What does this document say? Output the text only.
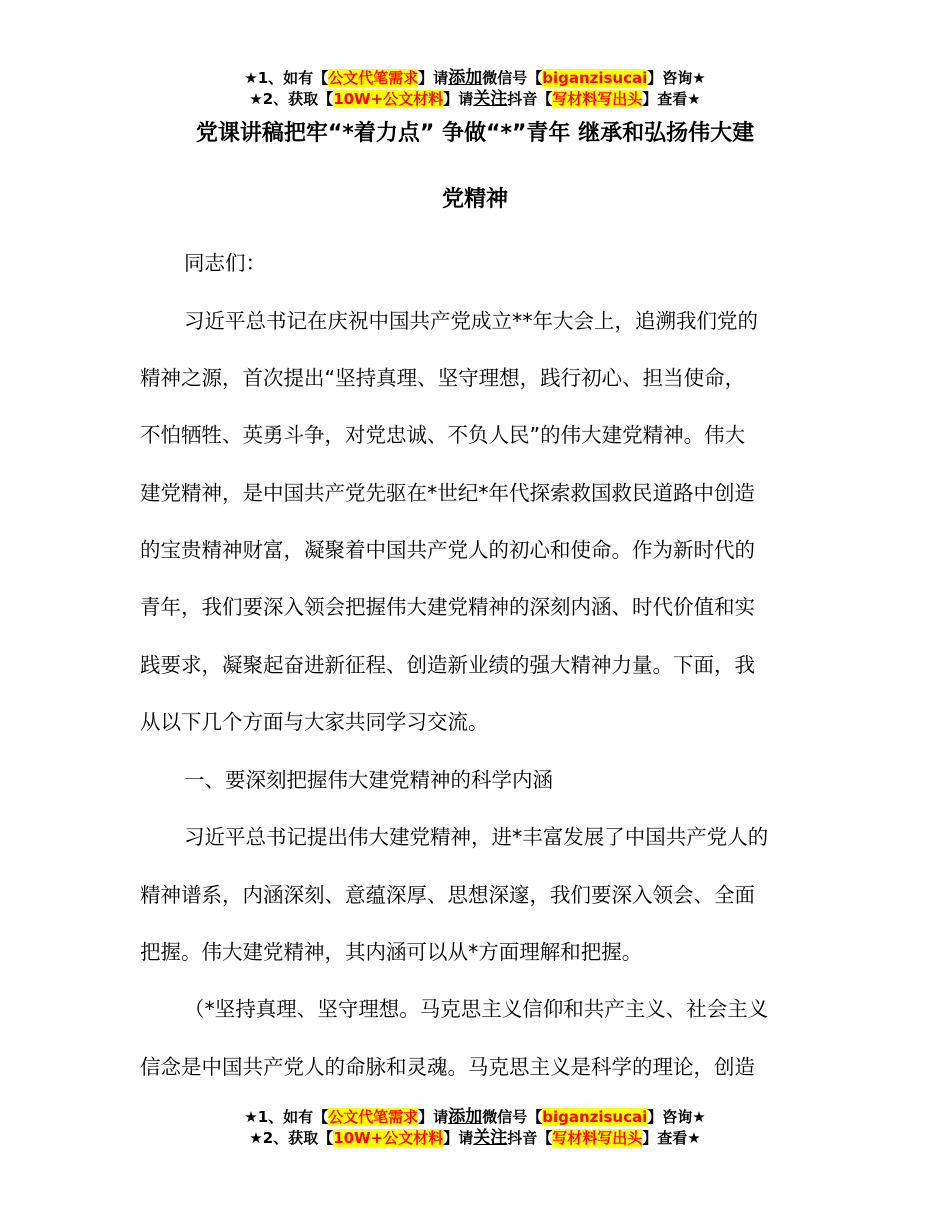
★1、如有【公文代笔需求】请添加微信号【biganzisucai】咨询★
★2、获取【10W+公文材料】请关注抖音【写材料写出头】查看★
党课讲稿把牢“*着力点” 争做“*”青年 继承和弘扬伟大建
党精神
同志们：
习近平总书记在庆祝中国共产党成立**年大会上，追溯我们党的
精神之源，首次提出“坚持真理、坚守理想，践行初心、担当使命，
不怕牺牲、英勇斗争，对党忠诚、不负人民”的伟大建党精神。伟大
建党精神，是中国共产党先驱在*世纪*年代探索救国救民道路中创造
的宝贵精神财富，凝聚着中国共产党人的初心和使命。作为新时代的
青年，我们要深入领会把握伟大建党精神的深刻内涵、时代价值和实
践要求，凝聚起奋进新征程、创造新业绩的强大精神力量。下面，我
从以下几个方面与大家共同学习交流。
一、要深刻把握伟大建党精神的科学内涵
习近平总书记提出伟大建党精神，进*丰富发展了中国共产党人的
精神谱系，内涵深刻、意蕴深厚、思想深邃，我们要深入领会、全面
把握。伟大建党精神，其内涵可以从*方面理解和把握。
（*坚持真理、坚守理想。马克思主义信仰和共产主义、社会主义
信念是中国共产党人的命脉和灵魂。马克思主义是科学的理论，创造
★1、如有【公文代笔需求】请添加微信号【biganzisucai】咨询★
★2、获取【10W+公文材料】请关注抖音【写材料写出头】查看★
